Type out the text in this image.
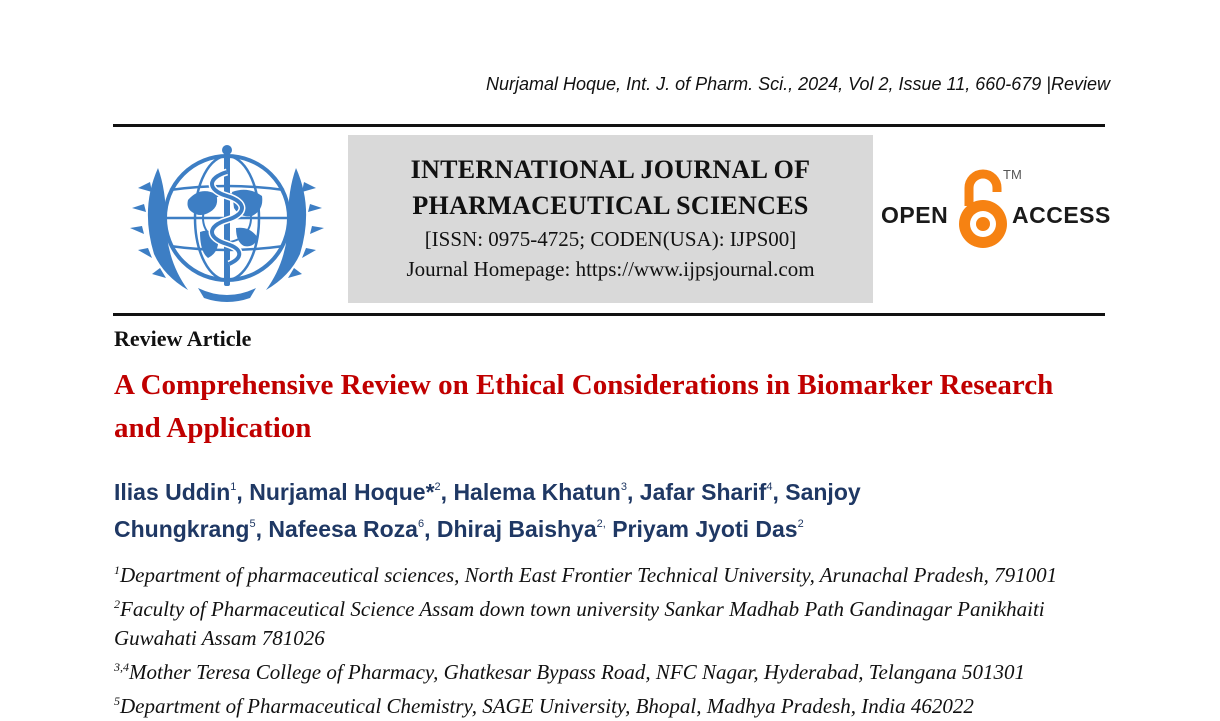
Nurjamal Hoque, Int. J. of Pharm. Sci., 2024, Vol 2, Issue 11, 660-679 |Review
INTERNATIONAL JOURNAL OF
PHARMACEUTICAL SCIENCES
[ISSN: 0975-4725; CODEN(USA): IJPS00]
Journal Homepage: https://www.ijpsjournal.com
OPEN
TM
ACCESS
Review Article
A Comprehensive Review on Ethical Considerations in Biomarker Research and Application
Ilias Uddin$^1$, Nurjamal Hoque*$^2$, Halema Khatun$^3$, Jafar Sharif$^4$, Sanjoy Chungkrang$^5$, Nafeesa Roza$^6$, Dhiraj Baishya$^{2,}$ Priyam Jyoti Das$^2$

$^1$Department of pharmaceutical sciences, North East Frontier Technical University, Arunachal Pradesh, 791001

$^2$Faculty of Pharmaceutical Science Assam down town university Sankar Madhab Path Gandinagar Panikhaiti

Guwahati Assam 781026

$^{3,4}$Mother Teresa College of Pharmacy, Ghatkesar Bypass Road, NFC Nagar, Hyderabad, Telangana 501301

$^5$Department of Pharmaceutical Chemistry, SAGE University, Bhopal, Madhya Pradesh, India 462022
